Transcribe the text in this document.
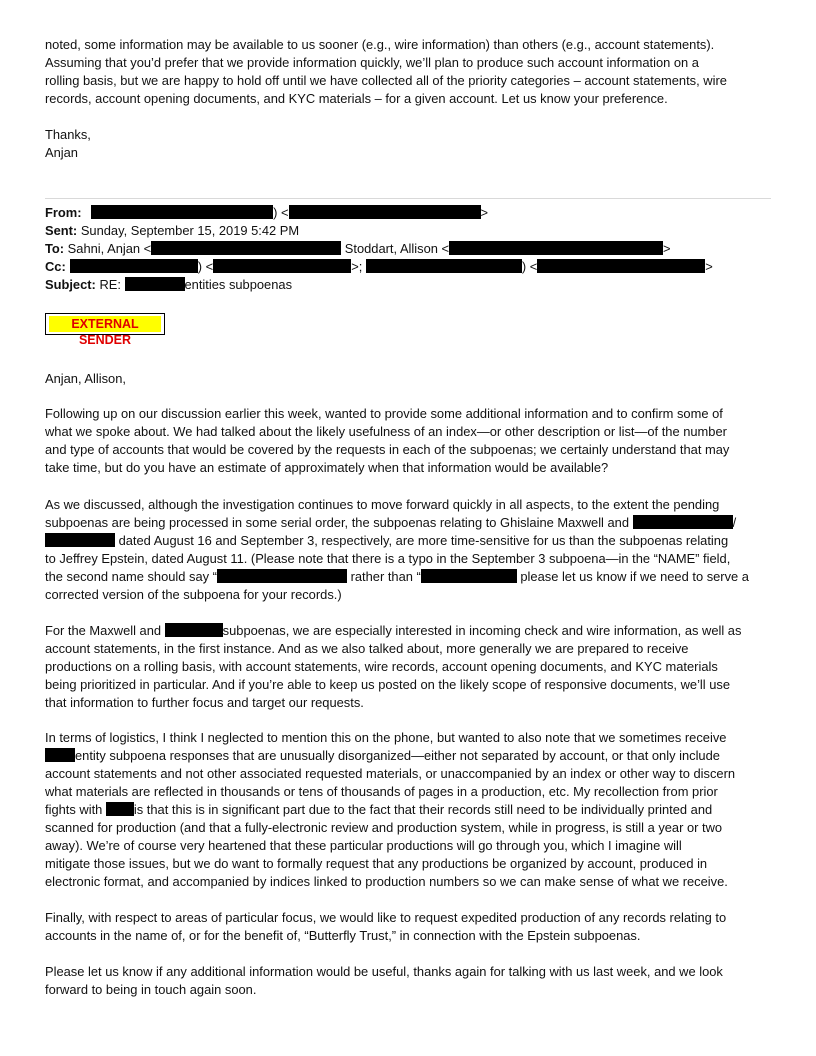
noted, some information may be available to us sooner (e.g., wire information) than others (e.g., account statements).
Assuming that you’d prefer that we provide information quickly, we’ll plan to produce such account information on a
rolling basis, but we are happy to hold off until we have collected all of the priority categories – account statements, wire
records, account opening documents, and KYC materials – for a given account. Let us know your preference.
Thanks,
Anjan
From:	) <	>
Sent: Sunday, September 15, 2019 5:42 PM
To: Sahni, Anjan <	Stoddart, Allison <	>
Cc:	) <	>;	) <	>
Subject: RE:	entities subpoenas
EXTERNAL SENDER
Anjan, Allison,
Following up on our discussion earlier this week, wanted to provide some additional information and to confirm some of
what we spoke about. We had talked about the likely usefulness of an index—or other description or list—of the number
and type of accounts that would be covered by the requests in each of the subpoenas; we certainly understand that may
take time, but do you have an estimate of approximately when that information would be available?
As we discussed, although the investigation continues to move forward quickly in all aspects, to the extent the pending
subpoenas are being processed in some serial order, the subpoenas relating to Ghislaine Maxwell and	/
dated August 16 and September 3, respectively, are more time-sensitive for us than the subpoenas relating
to Jeffrey Epstein, dated August 11. (Please note that there is a typo in the September 3 subpoena—in the “NAME” field,
the second name should say “	rather than “	please let us know if we need to serve a
corrected version of the subpoena for your records.)
For the Maxwell and	subpoenas, we are especially interested in incoming check and wire information, as well as
account statements, in the first instance. And as we also talked about, more generally we are prepared to receive
productions on a rolling basis, with account statements, wire records, account opening documents, and KYC materials
being prioritized in particular. And if you’re able to keep us posted on the likely scope of responsive documents, we’ll use
that information to further focus and target our requests.
In terms of logistics, I think I neglected to mention this on the phone, but wanted to also note that we sometimes receive
entity subpoena responses that are unusually disorganized—either not separated by account, or that only include
account statements and not other associated requested materials, or unaccompanied by an index or other way to discern
what materials are reflected in thousands or tens of thousands of pages in a production, etc. My recollection from prior
fights with is that this is in significant part due to the fact that their records still need to be individually printed and
scanned for production (and that a fully-electronic review and production system, while in progress, is still a year or two
away). We’re of course very heartened that these particular productions will go through you, which I imagine will
mitigate those issues, but we do want to formally request that any productions be organized by account, produced in
electronic format, and accompanied by indices linked to production numbers so we can make sense of what we receive.
Finally, with respect to areas of particular focus, we would like to request expedited production of any records relating to
accounts in the name of, or for the benefit of, “Butterfly Trust,” in connection with the Epstein subpoenas.
Please let us know if any additional information would be useful, thanks again for talking with us last week, and we look
forward to being in touch again soon.
